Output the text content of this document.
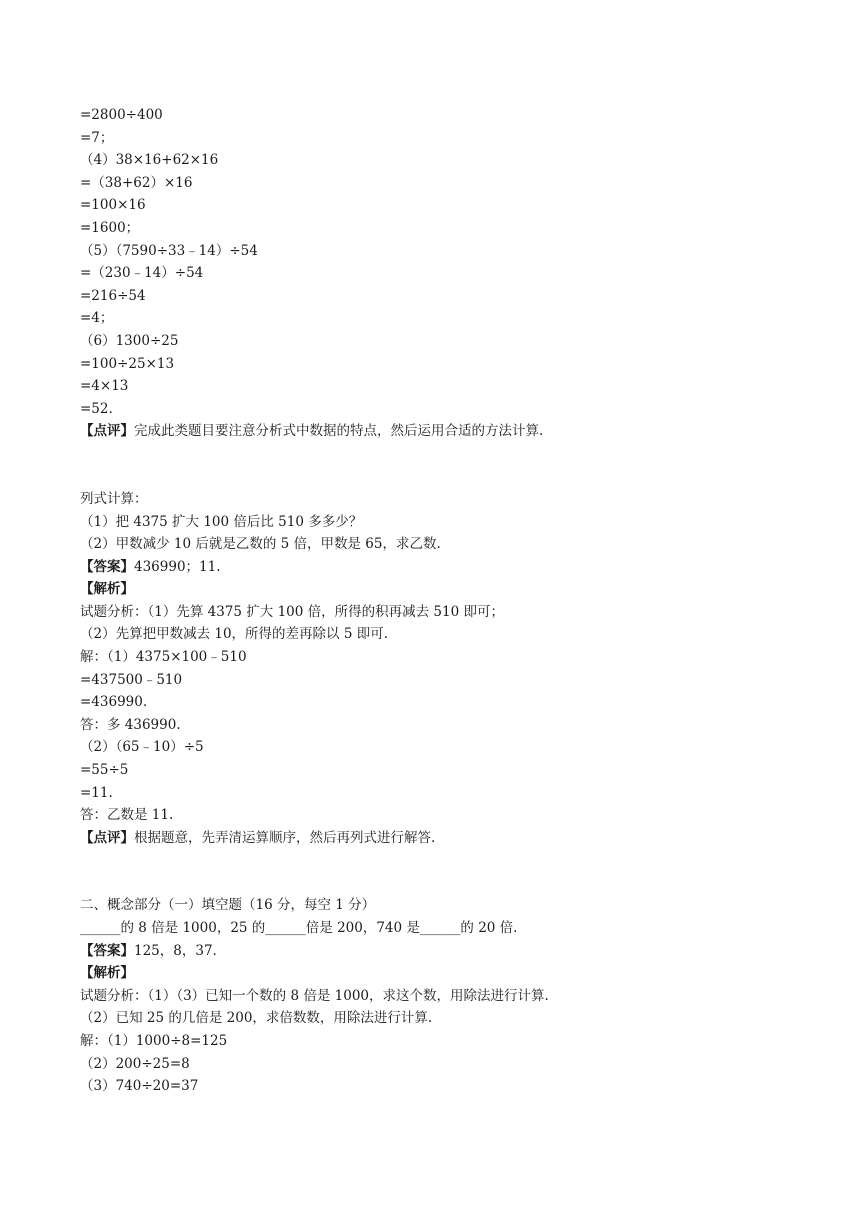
=2800÷400
=7；
（4）38×16+62×16
=（38+62）×16
=100×16
=1600；
（5）（7590÷33﹣14）÷54
=（230﹣14）÷54
=216÷54
=4；
（6）1300÷25
=100÷25×13
=4×13
=52.
【点评】完成此类题目要注意分析式中数据的特点，然后运用合适的方法计算.
列式计算：
（1）把 4375 扩大 100 倍后比 510 多多少？
（2）甲数减少 10 后就是乙数的 5 倍，甲数是 65，求乙数.
【答案】436990；11.
【解析】
试题分析：（1）先算 4375 扩大 100 倍，所得的积再减去 510 即可；
（2）先算把甲数减去 10，所得的差再除以 5 即可.
解：（1）4375×100﹣510
=437500﹣510
=436990.
答：多 436990.
（2）（65﹣10）÷5
=55÷5
=11.
答：乙数是 11.
【点评】根据题意，先弄清运算顺序，然后再列式进行解答.
二、概念部分（一）填空题（16 分，每空 1 分）
______的 8 倍是 1000，25 的______倍是 200，740 是______的 20 倍.
【答案】125，8，37.
【解析】
试题分析：（1）（3）已知一个数的 8 倍是 1000，求这个数，用除法进行计算.
（2）已知 25 的几倍是 200，求倍数数，用除法进行计算.
解：（1）1000÷8=125
（2）200÷25=8
（3）740÷20=37
